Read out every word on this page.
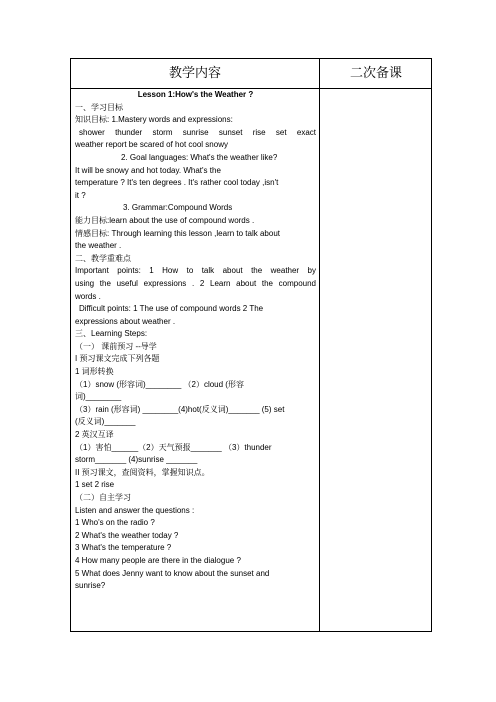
教学内容	二次备课

Lesson 1:How's the Weather ?

一、学习目标

知识目标: 1.Mastery words and expressions:

shower thunder storm sunrise sunset rise set exact

weather report be scared of hot cool snowy

2. Goal languages: What's the weather like?

It will be snowy and hot today. What's the

temperature ? It's ten degrees . It's rather cool today ,isn't

it ?

3. Grammar:Compound Words

能力目标:learn about the use of compound words .

情感目标: Through learning this lesson ,learn to talk about

the weather .

二、教学重难点

Important points: 1 How to talk about the weather by

using the useful expressions . 2 Learn about the compound

words .

Difficult points: 1 The use of compound words 2 The

expressions about weather .

三、Learning Steps:

（一） 课前预习 --导学

I 预习课文完成下列各题

1 词形转换

（1）snow (形容词)________ （2）cloud (形容

词)________

（3）rain (形容词) ________(4)hot(反义词)_______ (5) set

(反义词)_______

2 英汉互译

（1）害怕______（2）天气预报_______ （3）thunder

storm_______ (4)sunrise _______

II 预习课文，查阅资料，掌握知识点。

1 set 2 rise

（二）自主学习

Listen and answer the questions :

1 Who's on the radio ?

2 What's the weather today ?

3 What's the temperature ?

4 How many people are there in the dialogue ?

5 What does Jenny want to know about the sunset and

sunrise?
